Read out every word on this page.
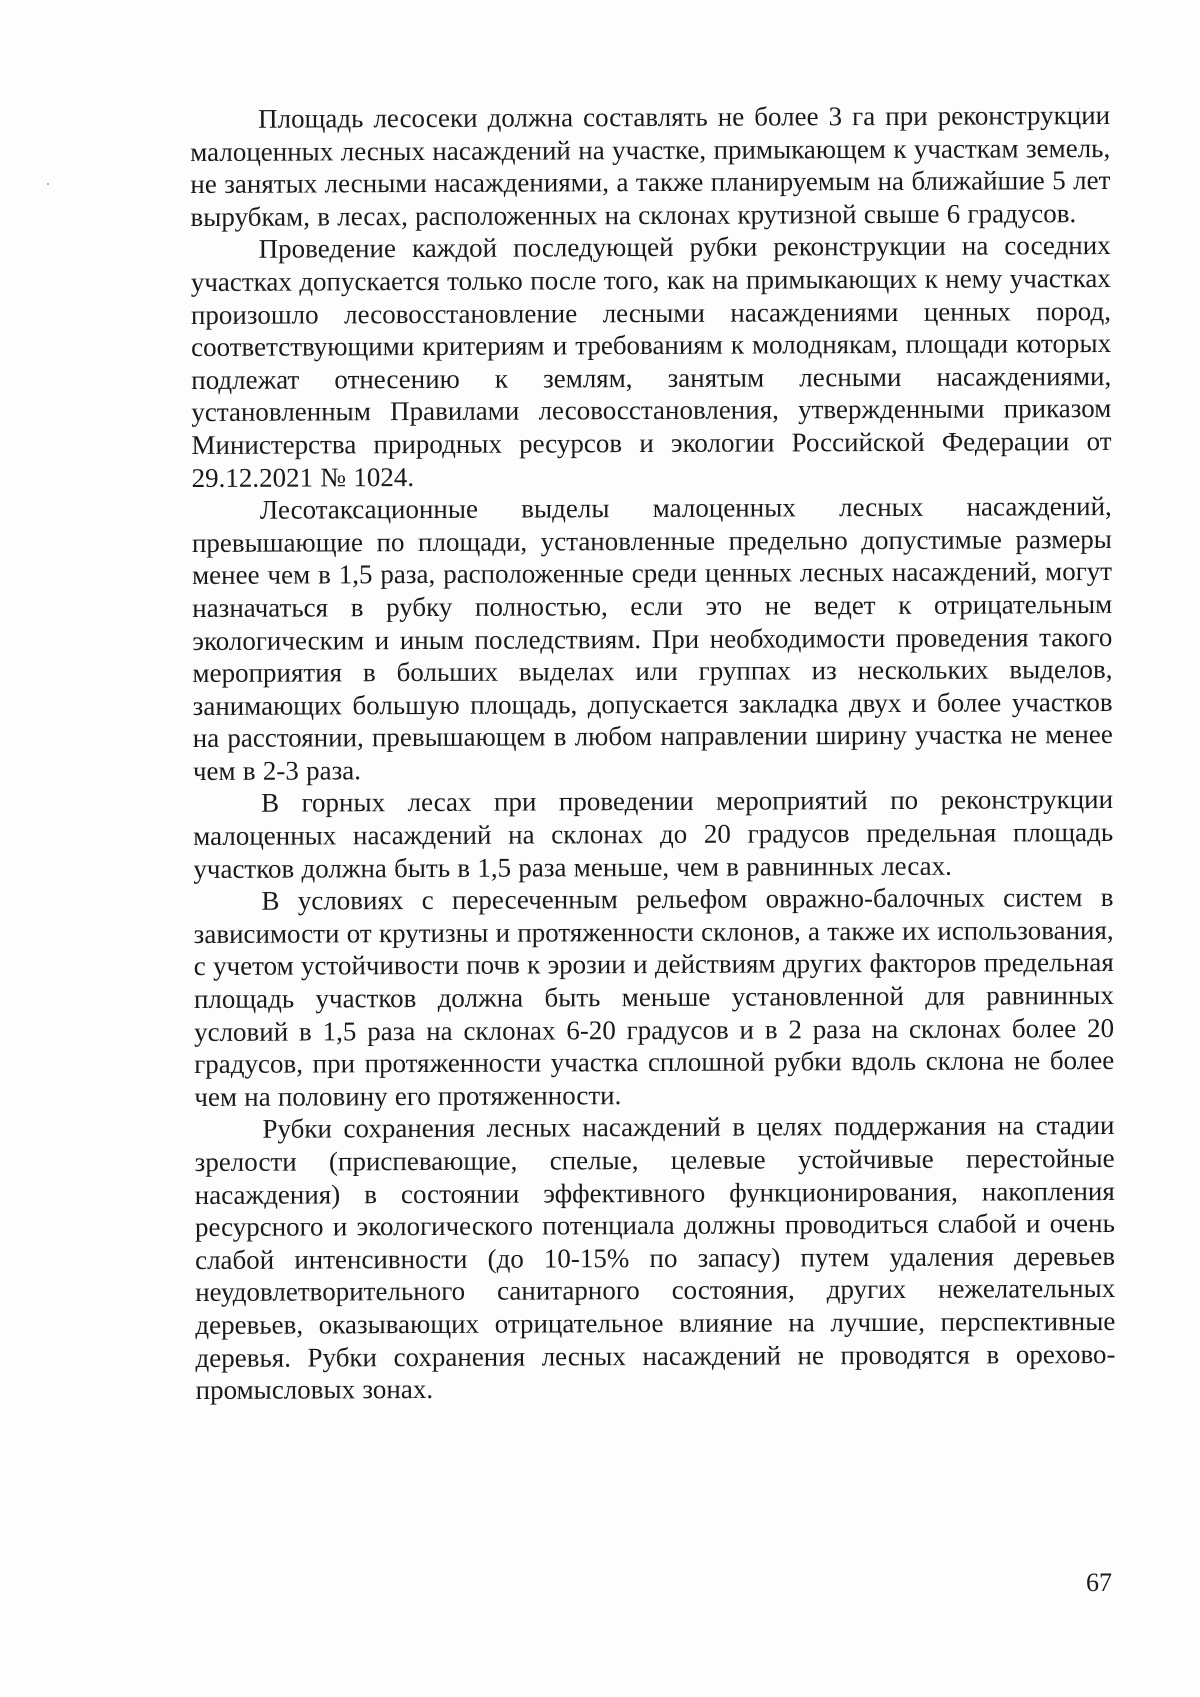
Площадь лесосеки должна составлять не более 3 га при реконструкции малоценных лесных насаждений на участке, примыкающем к участкам земель, не занятых лесными насаждениями, а также планируемым на ближайшие 5 лет вырубкам, в лесах, расположенных на склонах крутизной свыше 6 градусов.

Проведение каждой последующей рубки реконструкции на соседних участках допускается только после того, как на примыкающих к нему участках произошло лесовосстановление лесными насаждениями ценных пород, соответствующими критериям и требованиям к молоднякам, площади которых подлежат отнесению к землям, занятым лесными насаждениями, установленным Правилами лесовосстановления, утвержденными приказом Министерства природных ресурсов и экологии Российской Федерации от 29.12.2021 № 1024.

Лесотаксационные выделы малоценных лесных насаждений, превышающие по площади, установленные предельно допустимые размеры менее чем в 1,5 раза, расположенные среди ценных лесных насаждений, могут назначаться в рубку полностью, если это не ведет к отрицательным экологическим и иным последствиям. При необходимости проведения такого мероприятия в больших выделах или группах из нескольких выделов, занимающих большую площадь, допускается закладка двух и более участков на расстоянии, превышающем в любом направлении ширину участка не менее чем в 2-3 раза.

В горных лесах при проведении мероприятий по реконструкции малоценных насаждений на склонах до 20 градусов предельная площадь участков должна быть в 1,5 раза меньше, чем в равнинных лесах.

В условиях с пересеченным рельефом овражно-балочных систем в зависимости от крутизны и протяженности склонов, а также их использования, с учетом устойчивости почв к эрозии и действиям других факторов предельная площадь участков должна быть меньше установленной для равнинных условий в 1,5 раза на склонах 6-20 градусов и в 2 раза на склонах более 20 градусов, при протяженности участка сплошной рубки вдоль склона не более чем на половину его протяженности.

Рубки сохранения лесных насаждений в целях поддержания на стадии зрелости (приспевающие, спелые, целевые устойчивые перестойные насаждения) в состоянии эффективного функционирования, накопления ресурсного и экологического потенциала должны проводиться слабой и очень слабой интенсивности (до 10-15% по запасу) путем удаления деревьев неудовлетворительного санитарного состояния, других нежелательных деревьев, оказывающих отрицательное влияние на лучшие, перспективные деревья. Рубки сохранения лесных насаждений не проводятся в орехово-промысловых зонах.

67
